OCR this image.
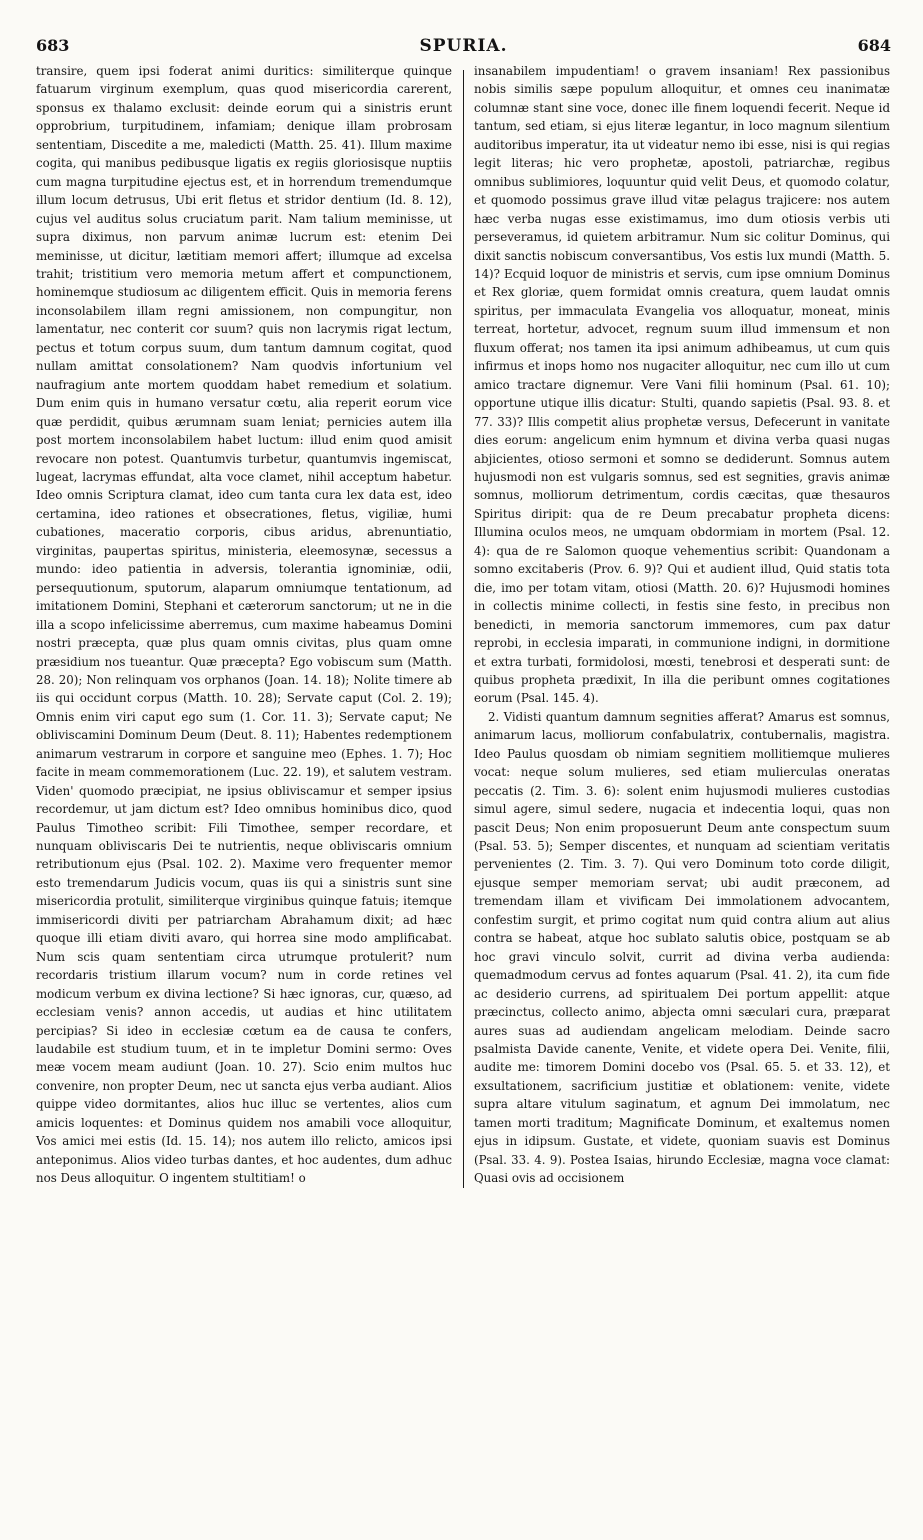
683	SPURIA.	684

transire, quem ipsi foderat animi duritics: similiterque quinque fatuarum virginum exemplum, quas quod misericordia carerent, sponsus ex thalamo exclusit: deinde eorum qui a sinistris erunt opprobrium, turpitudinem, infamiam; denique illam probrosam sententiam, Discedite a me, maledicti (Matth. 25. 41). Illum maxime cogita, qui manibus pedibusque ligatis ex regiis gloriosisque nuptiis cum magna turpitudine ejectus est, et in horrendum tremendumque illum locum detrusus, Ubi erit fletus et stridor dentium (Id. 8. 12), cujus vel auditus solus cruciatum parit. Nam talium meminisse, ut supra diximus, non parvum animæ lucrum est: etenim Dei meminisse, ut dicitur, lætitiam memori affert; illumque ad excelsa trahit; tristitium vero memoria metum affert et compunctionem, hominemque studiosum ac diligentem efficit. Quis in memoria ferens inconsolabilem illam regni amissionem, non compungitur, non lamentatur, nec conterit cor suum? quis non lacrymis rigat lectum, pectus et totum corpus suum, dum tantum damnum cogitat, quod nullam amittat consolationem? Nam quodvis infortunium vel naufragium ante mortem quoddam habet remedium et solatium. Dum enim quis in humano versatur cœtu, alia reperit eorum vice quæ perdidit, quibus ærumnam suam leniat; pernicies autem illa post mortem inconsolabilem habet luctum: illud enim quod amisit revocare non potest. Quantumvis turbetur, quantumvis ingemiscat, lugeat, lacrymas effundat, alta voce clamet, nihil acceptum habetur. Ideo omnis Scriptura clamat, ideo cum tanta cura lex data est, ideo certamina, ideo rationes et obsecrationes, fletus, vigiliæ, humi cubationes, maceratio corporis, cibus aridus, abrenuntiatio, virginitas, paupertas spiritus, ministeria, eleemosynæ, secessus a mundo: ideo patientia in adversis, tolerantia ignominiæ, odii, persequutionum, sputorum, alaparum omniumque tentationum, ad imitationem Domini, Stephani et cæterorum sanctorum; ut ne in die illa a scopo infelicissime aberremus, cum maxime habeamus Domini nostri præcepta, quæ plus quam omnis civitas, plus quam omne præsidium nos tueantur. Quæ præcepta? Ego vobiscum sum (Matth. 28. 20); Non relinquam vos orphanos (Joan. 14. 18); Nolite timere ab iis qui occidunt corpus (Matth. 10. 28); Servate caput (Col. 2. 19); Omnis enim viri caput ego sum (1. Cor. 11. 3); Servate caput; Ne obliviscamini Dominum Deum (Deut. 8. 11); Habentes redemptionem animarum vestrarum in corpore et sanguine meo (Ephes. 1. 7); Hoc facite in meam commemorationem (Luc. 22. 19), et salutem vestram. Viden' quomodo præcipiat, ne ipsius obliviscamur et semper ipsius recordemur, ut jam dictum est? Ideo omnibus hominibus dico, quod Paulus Timotheo scribit: Fili Timothee, semper recordare, et nunquam obliviscaris Dei te nutrientis, neque obliviscaris omnium retributionum ejus (Psal. 102. 2). Maxime vero frequenter memor esto tremendarum Judicis vocum, quas iis qui a sinistris sunt sine misericordia protulit, similiterque virginibus quinque fatuis; itemque immisericordi diviti per patriarcham Abrahamum dixit; ad hæc quoque illi etiam diviti avaro, qui horrea sine modo amplificabat. Num scis quam sententiam circa utrumque protulerit? num recordaris tristium illarum vocum? num in corde retines vel modicum verbum ex divina lectione? Si hæc ignoras, cur, quæso, ad ecclesiam venis? annon accedis, ut audias et hinc utilitatem percipias? Si ideo in ecclesiæ cœtum ea de causa te confers, laudabile est studium tuum, et in te impletur Domini sermo: Oves meæ vocem meam audiunt (Joan. 10. 27). Scio enim multos huc convenire, non propter Deum, nec ut sancta ejus verba audiant. Alios quippe video dormitantes, alios huc illuc se vertentes, alios cum amicis loquentes: et Dominus quidem nos amabili voce alloquitur, Vos amici mei estis (Id. 15. 14); nos autem illo relicto, amicos ipsi anteponimus. Alios video turbas dantes, et hoc audentes, dum adhuc nos Deus alloquitur. O ingentem stultitiam! o

insanabilem impudentiam! o gravem insaniam! Rex passionibus nobis similis sæpe populum alloquitur, et omnes ceu inanimatæ columnæ stant sine voce, donec ille finem loquendi fecerit. Neque id tantum, sed etiam, si ejus literæ legantur, in loco magnum silentium auditoribus imperatur, ita ut videatur nemo ibi esse, nisi is qui regias legit literas; hic vero prophetæ, apostoli, patriarchæ, regibus omnibus sublimiores, loquuntur quid velit Deus, et quomodo colatur, et quomodo possimus grave illud vitæ pelagus trajicere: nos autem hæc verba nugas esse existimamus, imo dum otiosis verbis uti perseveramus, id quietem arbitramur. Num sic colitur Dominus, qui dixit sanctis nobiscum conversantibus, Vos estis lux mundi (Matth. 5. 14)? Ecquid loquor de ministris et servis, cum ipse omnium Dominus et Rex gloriæ, quem formidat omnis creatura, quem laudat omnis spiritus, per immaculata Evangelia vos alloquatur, moneat, minis terreat, hortetur, advocet, regnum suum illud immensum et non fluxum offerat; nos tamen ita ipsi animum adhibeamus, ut cum quis infirmus et inops homo nos nugaciter alloquitur, nec cum illo ut cum amico tractare dignemur. Vere Vani filii hominum (Psal. 61. 10); opportune utique illis dicatur: Stulti, quando sapietis (Psal. 93. 8. et 77. 33)? Illis competit alius prophetæ versus, Defecerunt in vanitate dies eorum: angelicum enim hymnum et divina verba quasi nugas abjicientes, otioso sermoni et somno se dediderunt. Somnus autem hujusmodi non est vulgaris somnus, sed est segnities, gravis animæ somnus, molliorum detrimentum, cordis cæcitas, quæ thesauros Spiritus diripit: qua de re Deum precabatur propheta dicens: Illumina oculos meos, ne umquam obdormiam in mortem (Psal. 12. 4): qua de re Salomon quoque vehementius scribit: Quandonam a somno excitaberis (Prov. 6. 9)? Qui et audient illud, Quid statis tota die, imo per totam vitam, otiosi (Matth. 20. 6)? Hujusmodi homines in collectis minime collecti, in festis sine festo, in precibus non benedicti, in memoria sanctorum immemores, cum pax datur reprobi, in ecclesia imparati, in communione indigni, in dormitione et extra turbati, formidolosi, mœsti, tenebrosi et desperati sunt: de quibus propheta prædixit, In illa die peribunt omnes cogitationes eorum (Psal. 145. 4).

2. Vidisti quantum damnum segnities afferat? Amarus est somnus, animarum lacus, molliorum confabulatrix, contubernalis, magistra. Ideo Paulus quosdam ob nimiam segnitiem mollitiemque mulieres vocat: neque solum mulieres, sed etiam mulierculas oneratas peccatis (2. Tim. 3. 6): solent enim hujusmodi mulieres custodias simul agere, simul sedere, nugacia et indecentia loqui, quas non pascit Deus; Non enim proposuerunt Deum ante conspectum suum (Psal. 53. 5); Semper discentes, et nunquam ad scientiam veritatis pervenientes (2. Tim. 3. 7). Qui vero Dominum toto corde diligit, ejusque semper memoriam servat; ubi audit præconem, ad tremendam illam et vivificam Dei immolationem advocantem, confestim surgit, et primo cogitat num quid contra alium aut alius contra se habeat, atque hoc sublato salutis obice, postquam se ab hoc gravi vinculo solvit, currit ad divina verba audienda: quemadmodum cervus ad fontes aquarum (Psal. 41. 2), ita cum fide ac desiderio currens, ad spiritualem Dei portum appellit: atque præcinctus, collecto animo, abjecta omni sæculari cura, præparat aures suas ad audiendam angelicam melodiam. Deinde sacro psalmista Davide canente, Venite, et videte opera Dei. Venite, filii, audite me: timorem Domini docebo vos (Psal. 65. 5. et 33. 12), et exsultationem, sacrificium justitiæ et oblationem: venite, videte supra altare vitulum saginatum, et agnum Dei immolatum, nec tamen morti traditum; Magnificate Dominum, et exaltemus nomen ejus in idipsum. Gustate, et videte, quoniam suavis est Dominus (Psal. 33. 4. 9). Postea Isaias, hirundo Ecclesiæ, magna voce clamat: Quasi ovis ad occisionem
